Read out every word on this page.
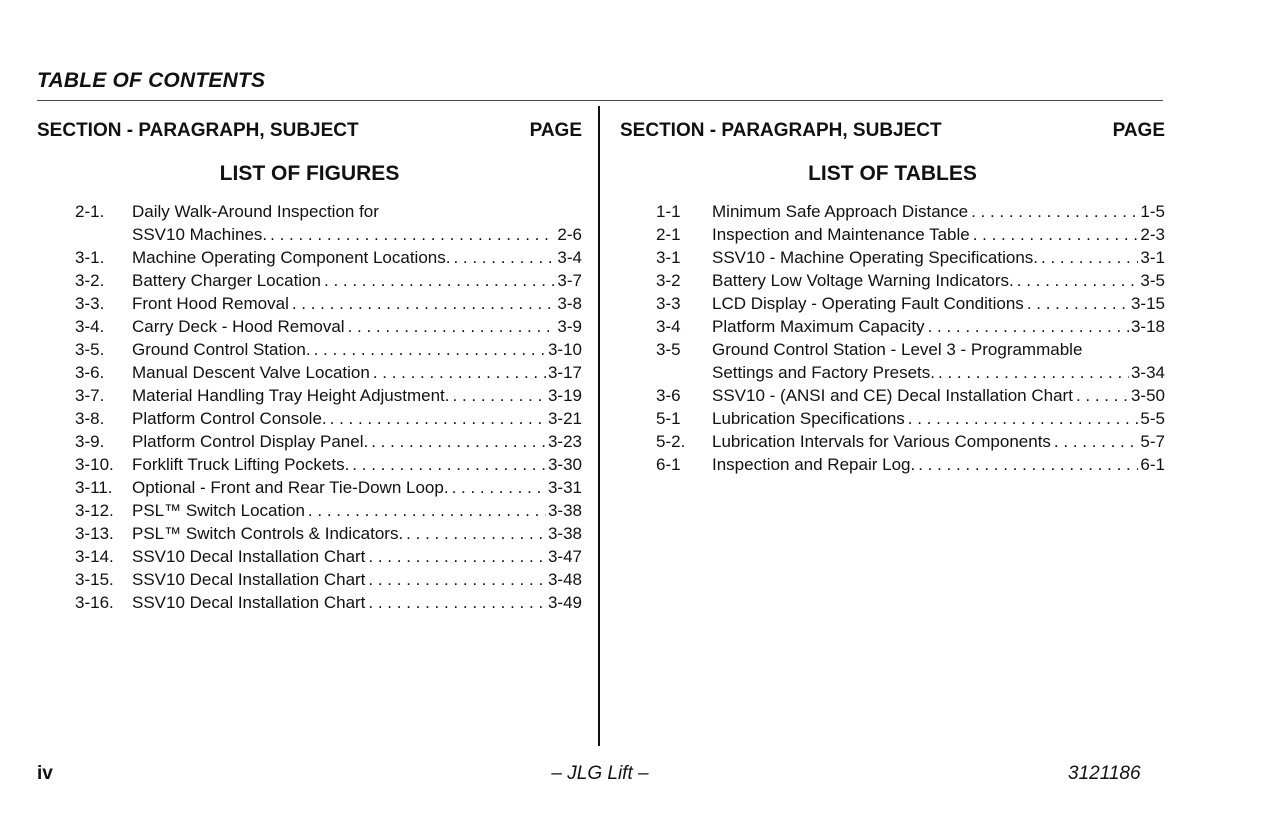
TABLE OF CONTENTS
SECTION - PARAGRAPH, SUBJECT	PAGE
LIST OF FIGURES
2-1.	Daily Walk-Around Inspection for
SSV10 Machines. . . .	2-6
3-1.	Machine Operating Component Locations. . . .	3-4
3-2.	Battery Charger Location . . .	3-7
3-3.	Front Hood Removal . . .	3-8
3-4.	Carry Deck - Hood Removal . . .	3-9
3-5.	Ground Control Station. . . .	3-10
3-6.	Manual Descent Valve Location . . .	3-17
3-7.	Material Handling Tray Height Adjustment. . . .	3-19
3-8.	Platform Control Console. . . .	3-21
3-9.	Platform Control Display Panel. . . .	3-23
3-10.	Forklift Truck Lifting Pockets. . . .	3-30
3-11.	Optional - Front and Rear Tie-Down Loop. . . .	3-31
3-12.	PSL™ Switch Location . . .	3-38
3-13.	PSL™ Switch Controls & Indicators. . . .	3-38
3-14.	SSV10 Decal Installation Chart . . .	3-47
3-15.	SSV10 Decal Installation Chart . . .	3-48
3-16.	SSV10 Decal Installation Chart . . .	3-49
SECTION - PARAGRAPH, SUBJECT	PAGE
LIST OF TABLES
1-1	Minimum Safe Approach Distance . . .	1-5
2-1	Inspection and Maintenance Table . . .	2-3
3-1	SSV10 - Machine Operating Specifications. . . .	3-1
3-2	Battery Low Voltage Warning Indicators. . . .	3-5
3-3	LCD Display - Operating Fault Conditions . . .	3-15
3-4	Platform Maximum Capacity . . .	3-18
3-5	Ground Control Station - Level 3 - Programmable
Settings and Factory Presets. . . .	3-34
3-6	SSV10 - (ANSI and CE) Decal Installation Chart . . .	3-50
5-1	Lubrication Specifications . . .	5-5
5-2.	Lubrication Intervals for Various Components . . .	5-7
6-1	Inspection and Repair Log. . . .	6-1
iv	– JLG Lift –	3121186
